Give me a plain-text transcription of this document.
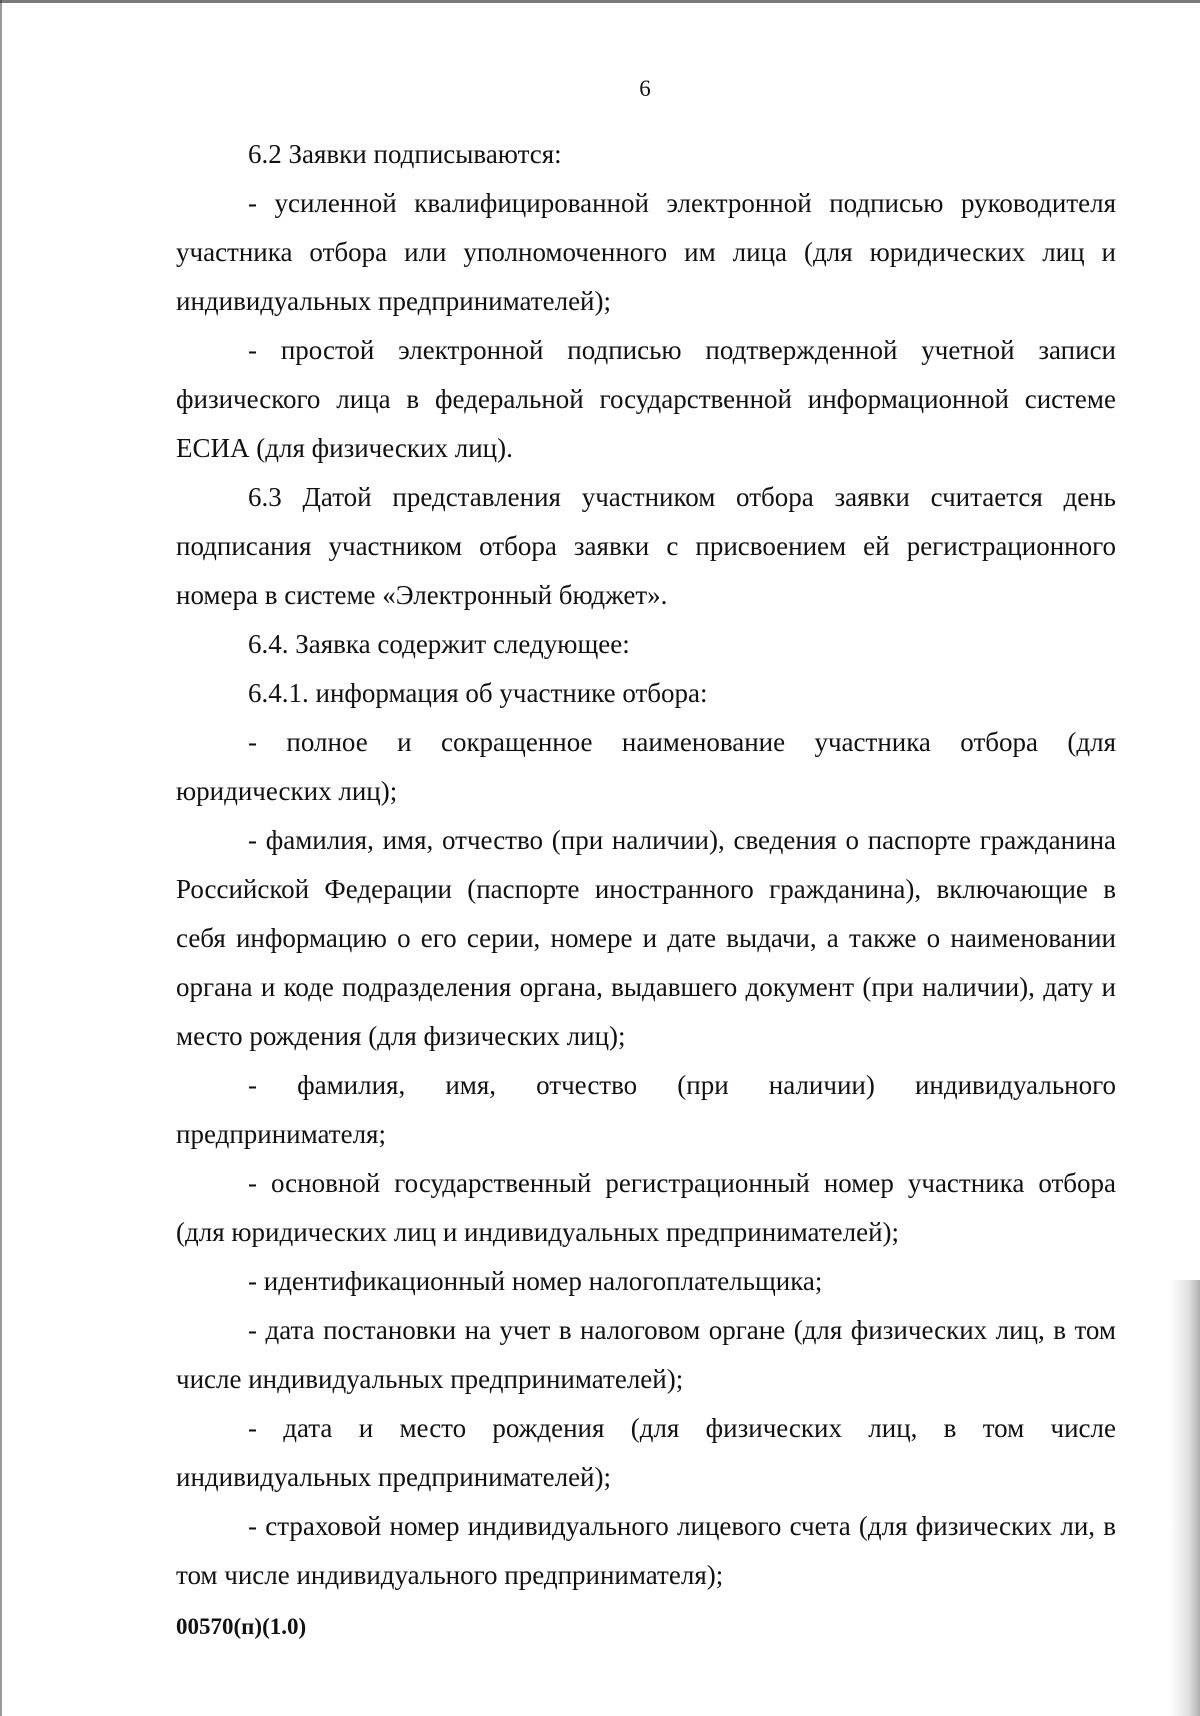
6

6.2 Заявки подписываются:

- усиленной квалифицированной электронной подписью руководителя участника отбора или уполномоченного им лица (для юридических лиц и индивидуальных предпринимателей);

- простой электронной подписью подтвержденной учетной записи физического лица в федеральной государственной информационной системе ЕСИА (для физических лиц).

6.3 Датой представления участником отбора заявки считается день подписания участником отбора заявки с присвоением ей регистрационного номера в системе «Электронный бюджет».

6.4. Заявка содержит следующее:

6.4.1. информация об участнике отбора:

- полное и сокращенное наименование участника отбора (для юридических лиц);

- фамилия, имя, отчество (при наличии), сведения о паспорте гражданина Российской Федерации (паспорте иностранного гражданина), включающие в себя информацию о его серии, номере и дате выдачи, а также о наименовании органа и коде подразделения органа, выдавшего документ (при наличии), дату и место рождения (для физических лиц);

- фамилия, имя, отчество (при наличии) индивидуального предпринимателя;

- основной государственный регистрационный номер участника отбора (для юридических лиц и индивидуальных предпринимателей);

- идентификационный номер налогоплательщика;

- дата постановки на учет в налоговом органе (для физических лиц, в том числе индивидуальных предпринимателей);

- дата и место рождения (для физических лиц, в том числе индивидуальных предпринимателей);

- страховой номер индивидуального лицевого счета (для физических ли, в том числе индивидуального предпринимателя);

00570(п)(1.0)
